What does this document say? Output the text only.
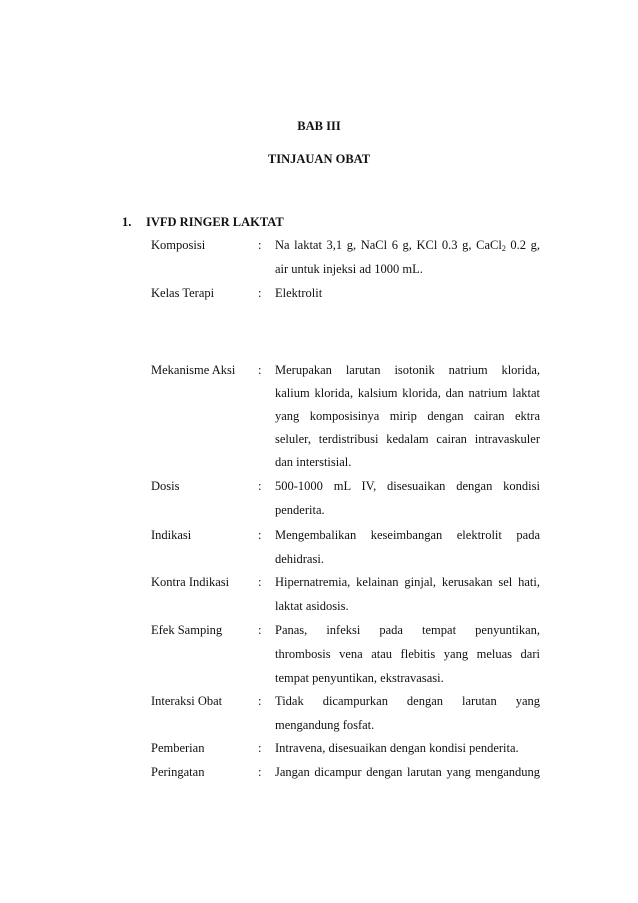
BAB III
TINJAUAN OBAT
1. IVFD RINGER LAKTAT
Komposisi	: Na laktat 3,1 g, NaCl 6 g, KCl 0.3 g, CaCl$_2$ 0.2 g,
air untuk injeksi ad 1000 mL.
Kelas Terapi	: Elektrolit
Mekanisme Aksi : Merupakan larutan isotonik natrium klorida,
kalium klorida, kalsium klorida, dan natrium laktat
yang komposisinya mirip dengan cairan ektra
seluler, terdistribusi kedalam cairan intravaskuler
dan interstisial.
Dosis	: 500-1000 mL IV, disesuaikan dengan kondisi
penderita.
Indikasi	: Mengembalikan keseimbangan elektrolit pada
dehidrasi.
Kontra Indikasi : Hipernatremia, kelainan ginjal, kerusakan sel hati,
laktat asidosis.
Efek Samping	: Panas, infeksi pada tempat penyuntikan,
thrombosis vena atau flebitis yang meluas dari
tempat penyuntikan, ekstravasasi.
Interaksi Obat	: Tidak dicampurkan dengan larutan yang
mengandung fosfat.
Pemberian	: Intravena, disesuaikan dengan kondisi penderita.
Peringatan	: Jangan dicampur dengan larutan yang mengandung
